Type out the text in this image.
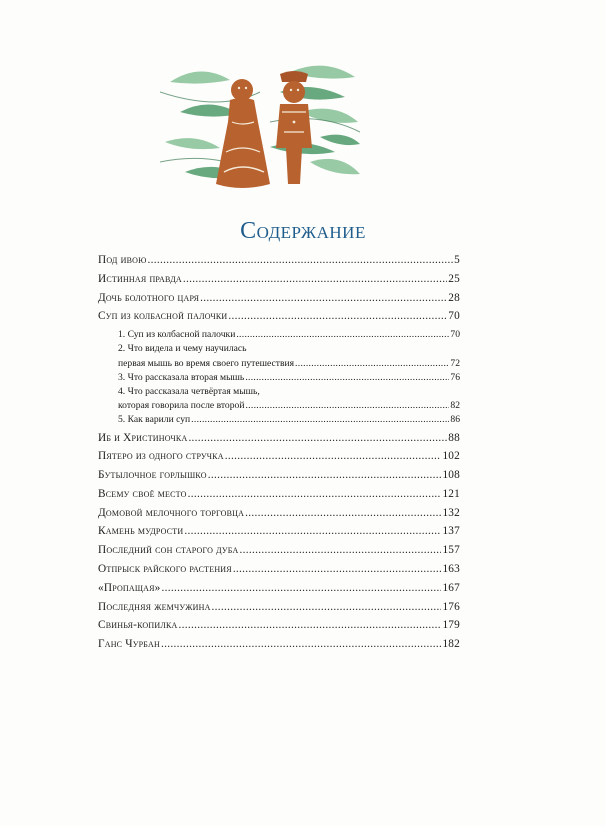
Содержание
Под ивою .....	5
Истинная правда .....	25
Дочь болотного царя .....	28
Суп из колбасной палочки .....	70
1. Суп из колбасной палочки .....	70
2. Что видела и чему научилась
первая мышь во время своего путешествия .....	72
3. Что рассказала вторая мышь .....	76
4. Что рассказала четвёртая мышь,
которая говорила после второй .....	82
5. Как варили суп .....	86
Иб и Христиночка .....	88
Пятеро из одного стручка .....	102
Бутылочное горлышко .....	108
Всему своё место .....	121
Домовой мелочного торговца .....	132
Камень мудрости .....	137
Последний сон старого дуба .....	157
Отпрыск райского растения .....	163
«Пропащая» .....	167
Последняя жемчужина .....	176
Свинья-копилка .....	179
Ганс Чурбан .....	182
